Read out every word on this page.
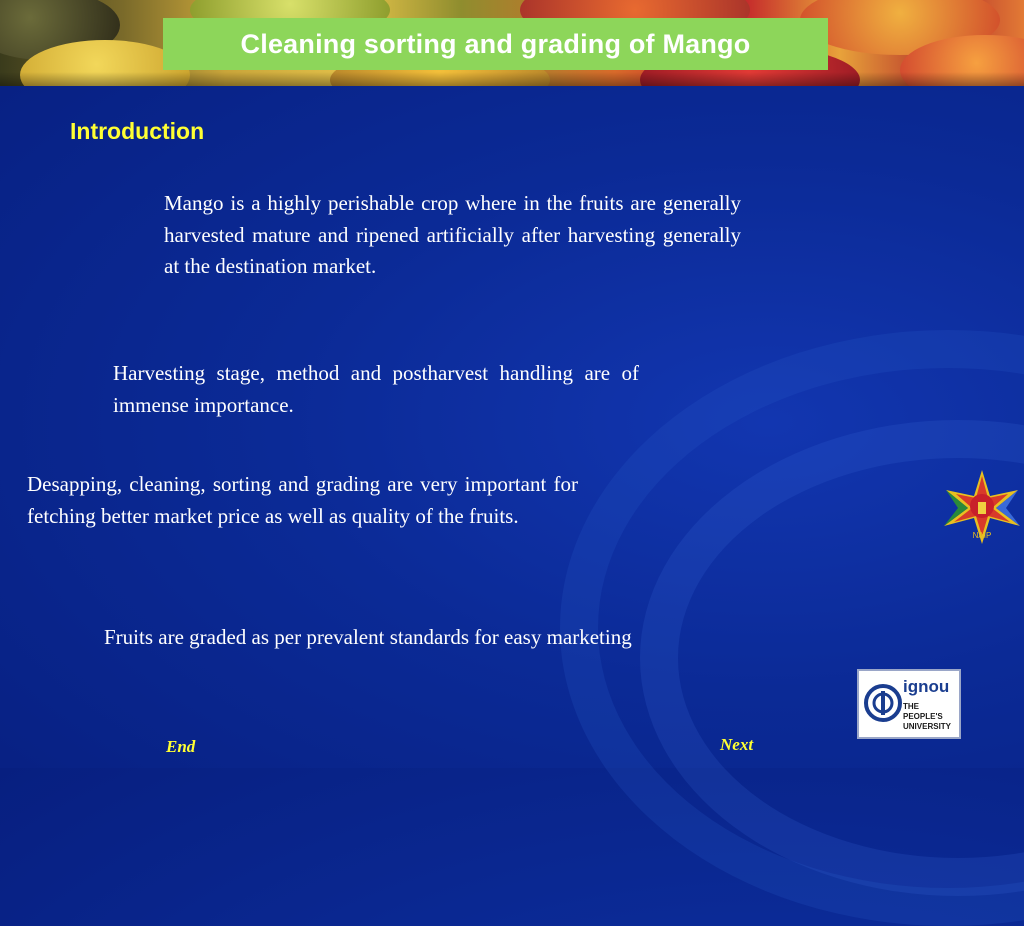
Cleaning sorting and grading of Mango
Introduction

Mango is a highly perishable crop where in the fruits are generally harvested mature and ripened artificially after harvesting generally at the destination market.

Harvesting stage, method and postharvest handling are of immense importance.

Desapping, cleaning, sorting and grading are very important for fetching better market price as well as quality of the fruits.

Fruits are graded as per prevalent standards for easy marketing

NAIP
ignou
THE PEOPLE'S UNIVERSITY
End	Next
